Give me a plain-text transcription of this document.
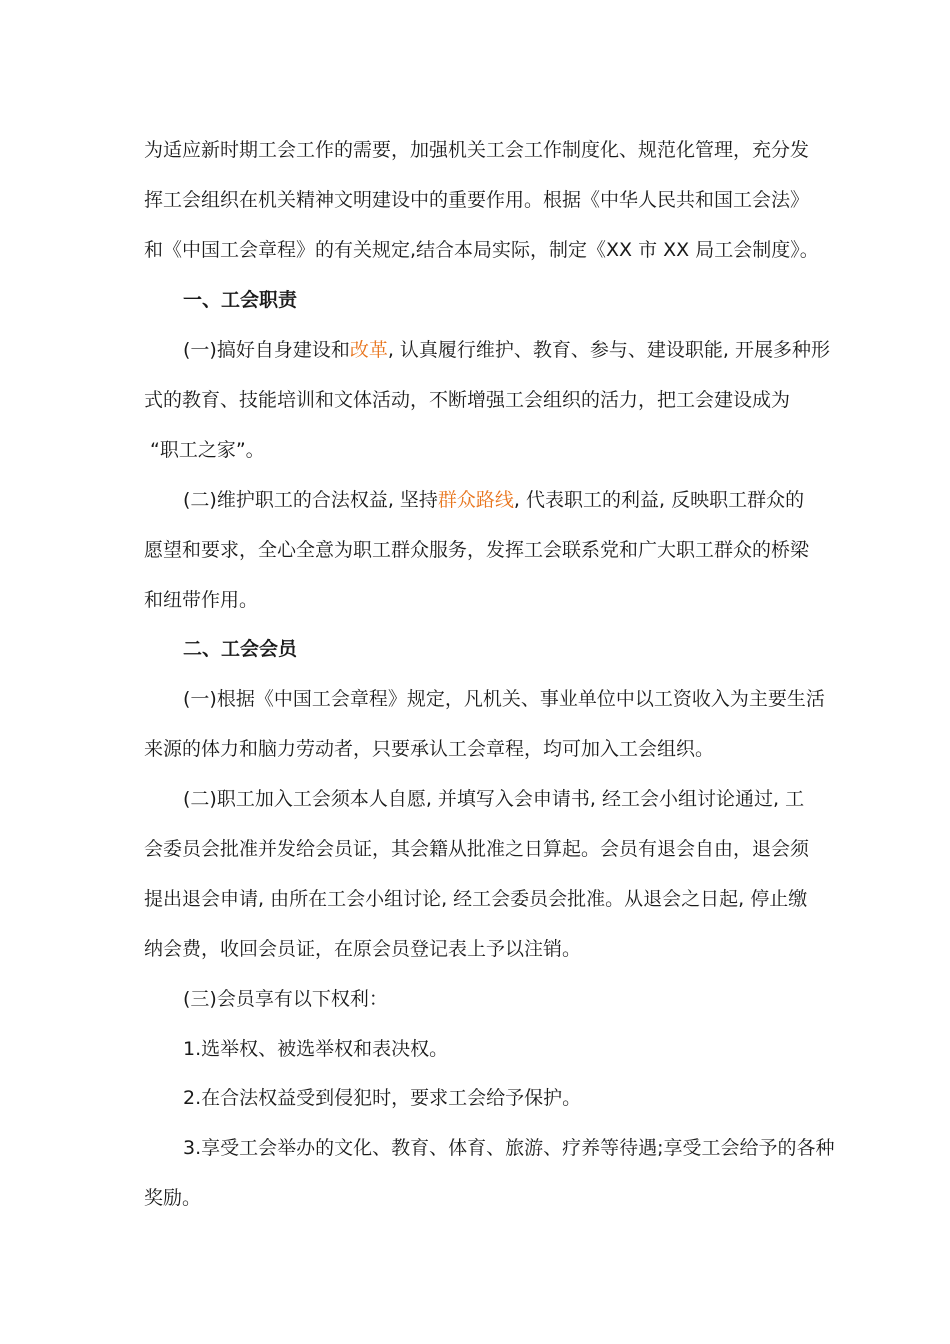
为适应新时期工会工作的需要，加强机关工会工作制度化、规范化管理，充分发
挥工会组织在机关精神文明建设中的重要作用。根据《中华人民共和国工会法》
和《中国工会章程》的有关规定,结合本局实际，制定《XX 市 XX 局工会制度》。
一、工会职责
(一)搞好自身建设和改革, 认真履行维护、教育、参与、建设职能, 开展多种形
式的教育、技能培训和文体活动，不断增强工会组织的活力，把工会建设成为
“职工之家”。
(二)维护职工的合法权益, 坚持群众路线, 代表职工的利益, 反映职工群众的
愿望和要求，全心全意为职工群众服务，发挥工会联系党和广大职工群众的桥梁
和纽带作用。
二、工会会员
(一)根据《中国工会章程》规定，凡机关、事业单位中以工资收入为主要生活
来源的体力和脑力劳动者，只要承认工会章程，均可加入工会组织。
(二)职工加入工会须本人自愿, 并填写入会申请书, 经工会小组讨论通过, 工
会委员会批准并发给会员证，其会籍从批准之日算起。会员有退会自由，退会须
提出退会申请, 由所在工会小组讨论, 经工会委员会批准。从退会之日起, 停止缴
纳会费，收回会员证，在原会员登记表上予以注销。
(三)会员享有以下权利：
1.选举权、被选举权和表决权。
2.在合法权益受到侵犯时，要求工会给予保护。
3.享受工会举办的文化、教育、体育、旅游、疗养等待遇;享受工会给予的各种
奖励。
